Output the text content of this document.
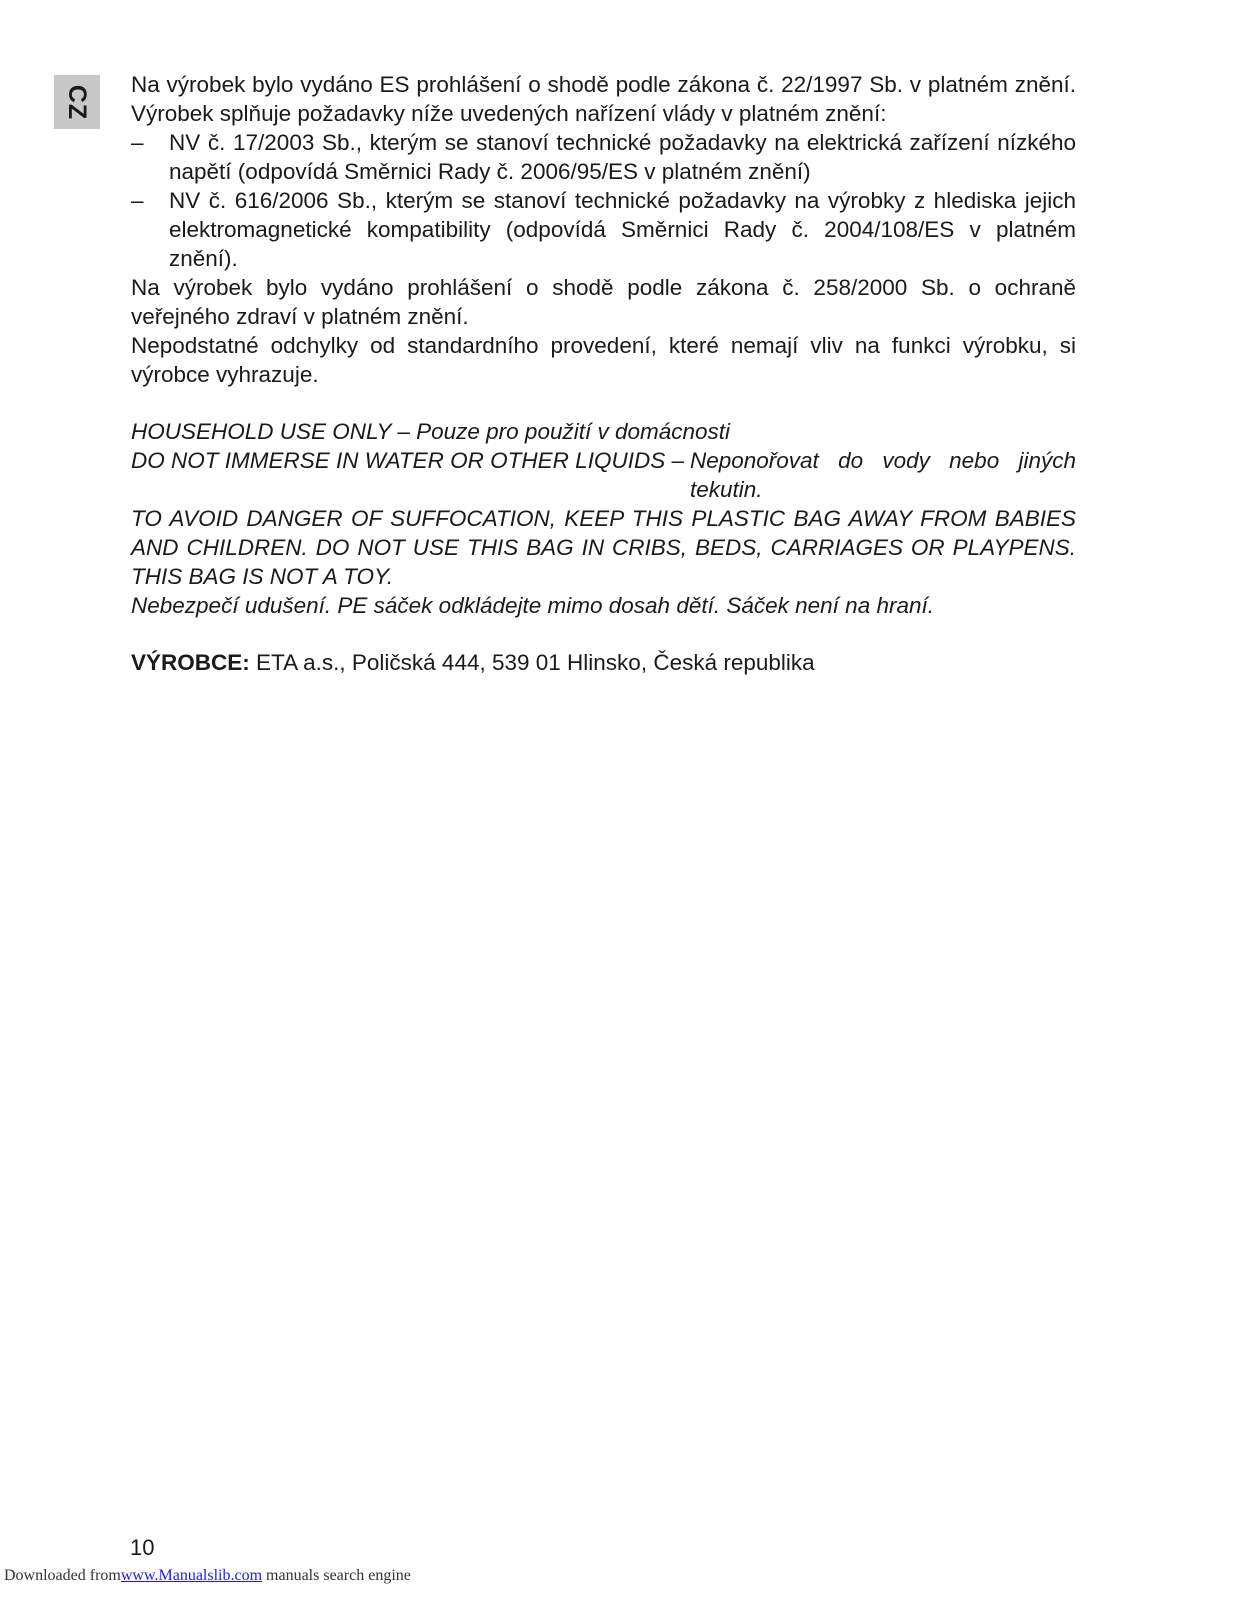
CZ Na výrobek bylo vydáno ES prohlášení o shodě podle zákona č. 22/1997 Sb. v platném znění. Výrobek splňuje požadavky níže uvedených nařízení vlády v platném znění:

– NV č. 17/2003 Sb., kterým se stanoví technické požadavky na elektrická zařízení nízkého napětí (odpovídá Směrnici Rady č. 2006/95/ES v platném znění)
– NV č. 616/2006 Sb., kterým se stanoví technické požadavky na výrobky z hlediska jejich elektromagnetické kompatibility (odpovídá Směrnici Rady č. 2004/108/ES v platném znění).

Na výrobek bylo vydáno prohlášení o shodě podle zákona č. 258/2000 Sb. o ochraně veřejného zdraví v platném znění.

Nepodstatné odchylky od standardního provedení, které nemají vliv na funkci výrobku, si výrobce vyhrazuje.

HOUSEHOLD USE ONLY – Pouze pro použití v domácnosti

DO NOT IMMERSE IN WATER OR OTHER LIQUIDS – Neponořovat do vody nebo jiných tekutin.

TO AVOID DANGER OF SUFFOCATION, KEEP THIS PLASTIC BAG AWAY FROM BABIES AND CHILDREN. DO NOT USE THIS BAG IN CRIBS, BEDS, CARRIAGES OR PLAYPENS. THIS BAG IS NOT A TOY.

Nebezpečí udušení. PE sáček odkládejte mimo dosah dětí. Sáček není na hraní.

VÝROBCE: ETA a.s., Poličská 444, 539 01 Hlinsko, Česká republika

10
Downloaded fromwww.Manualslib.com manuals search engine
